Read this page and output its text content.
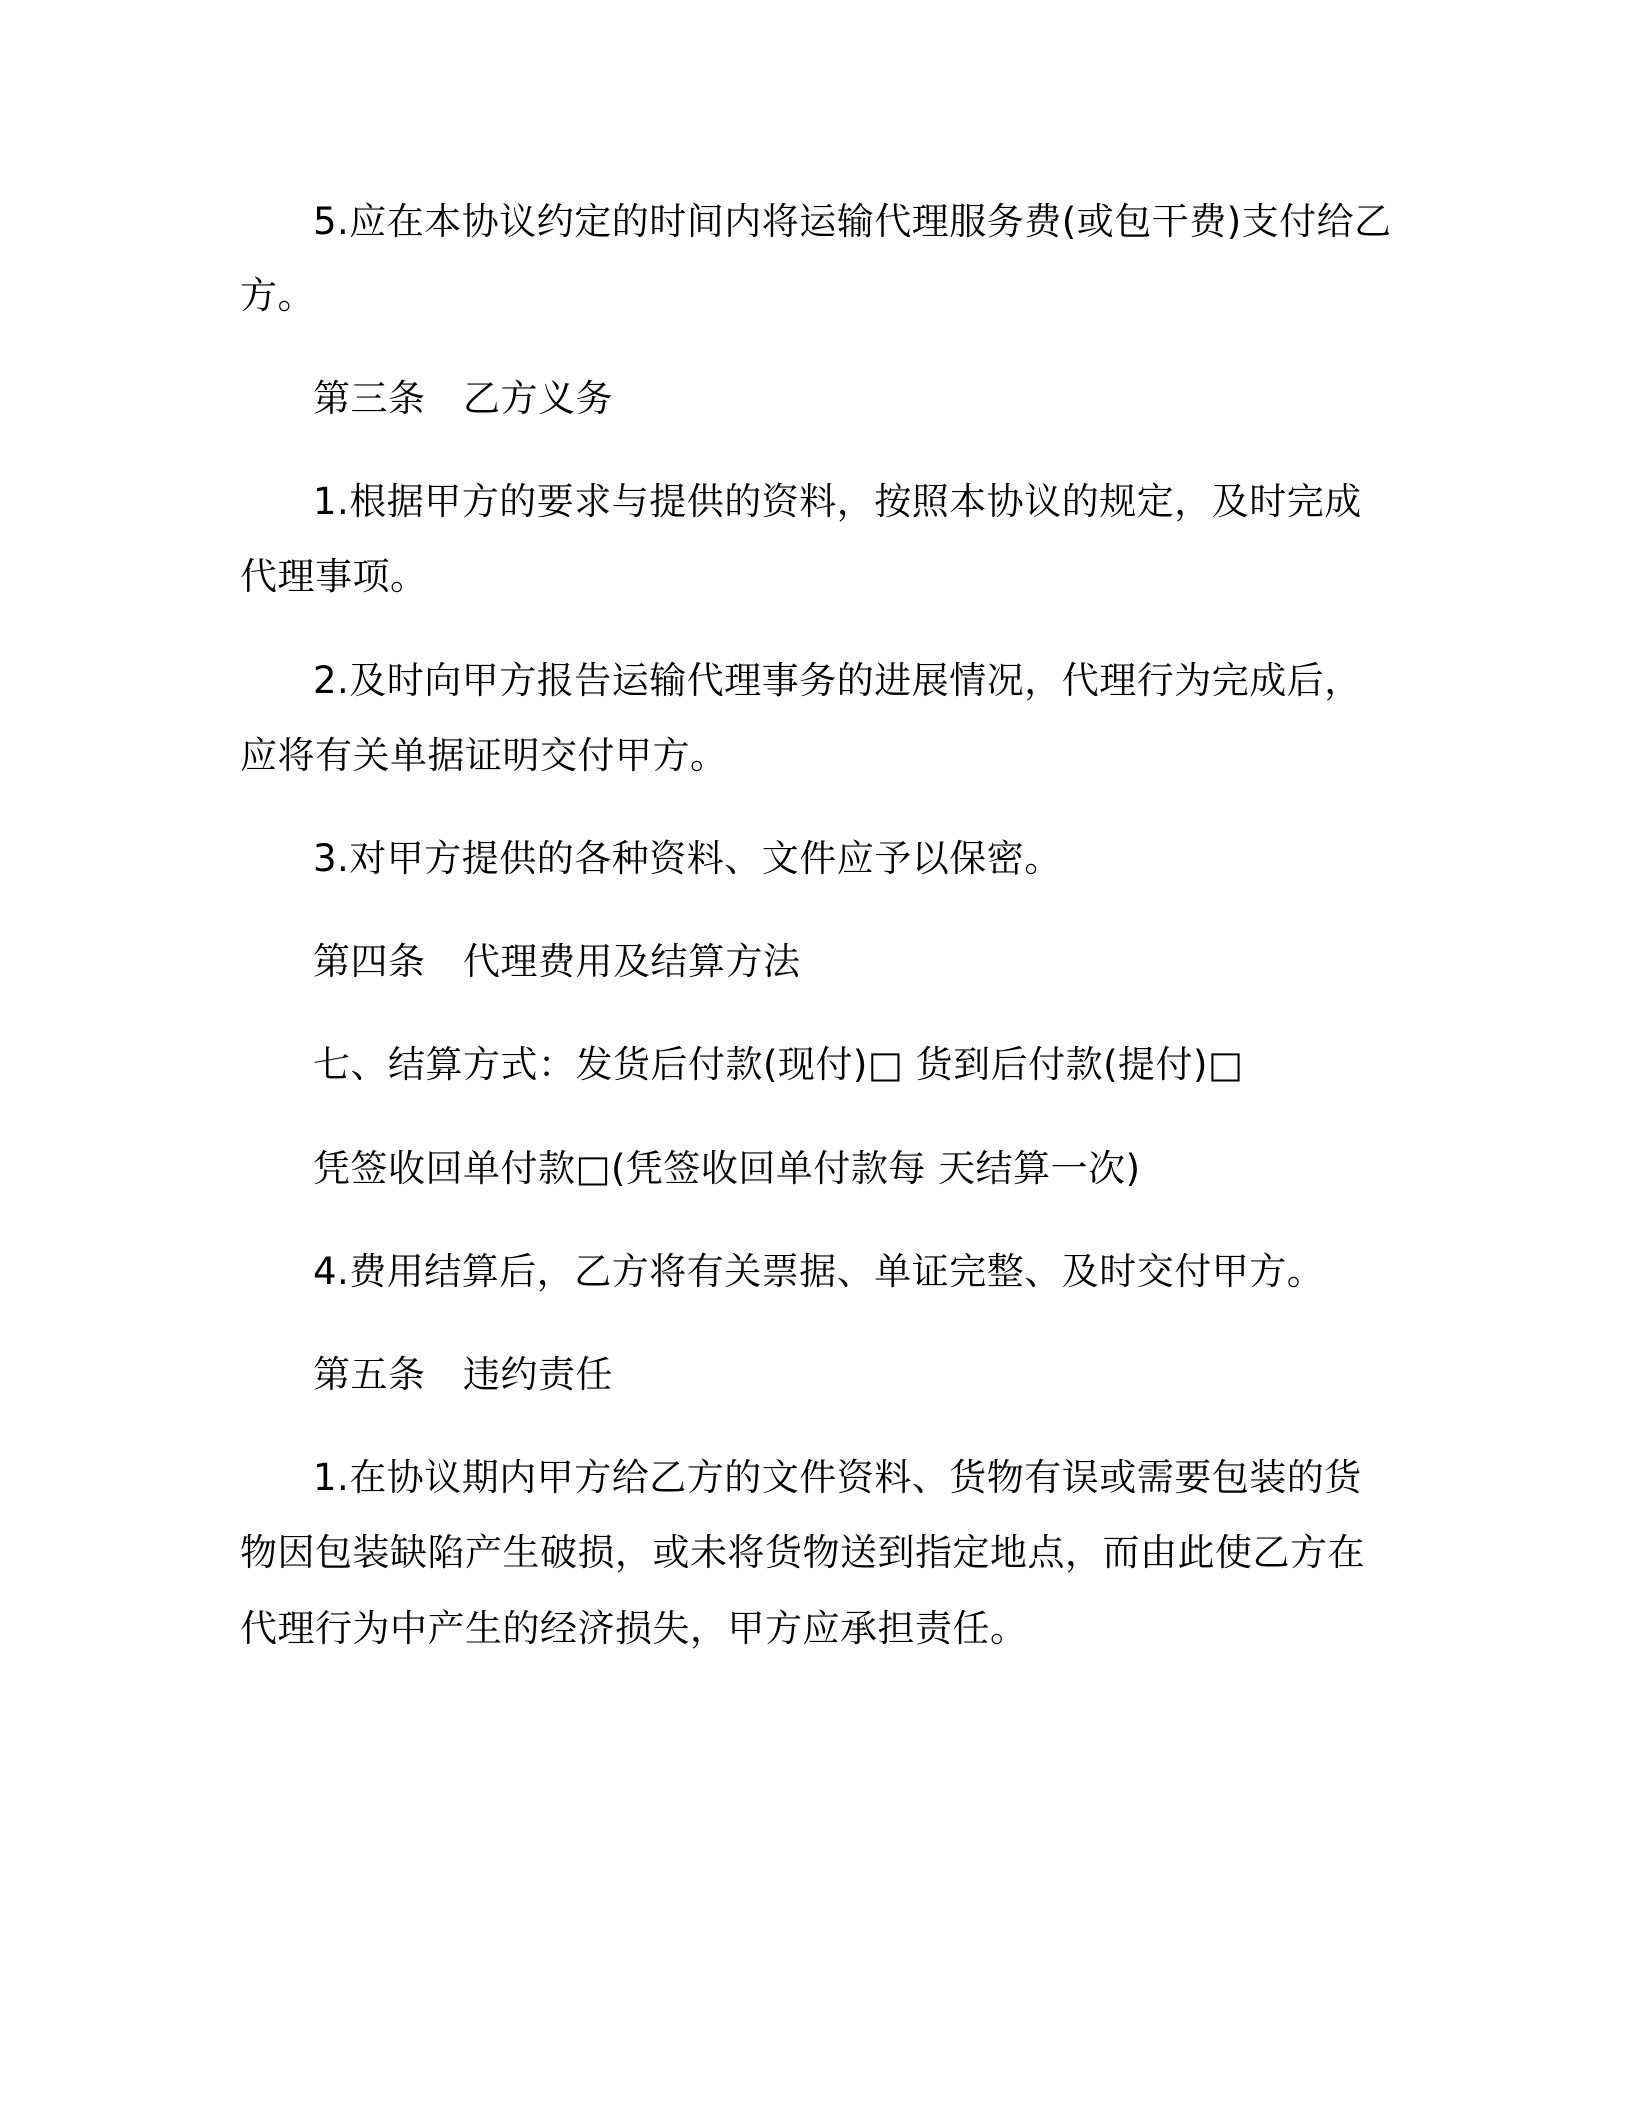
5.应在本协议约定的时间内将运输代理服务费(或包干费)支付给乙

方。

第三条　乙方义务

1.根据甲方的要求与提供的资料，按照本协议的规定，及时完成

代理事项。

2.及时向甲方报告运输代理事务的进展情况，代理行为完成后，

应将有关单据证明交付甲方。

3.对甲方提供的各种资料、文件应予以保密。

第四条　代理费用及结算方法

七、结算方式：发货后付款(现付)□ 货到后付款(提付)□

凭签收回单付款□(凭签收回单付款每 天结算一次)

4.费用结算后，乙方将有关票据、单证完整、及时交付甲方。

第五条　违约责任

1.在协议期内甲方给乙方的文件资料、货物有误或需要包装的货

物因包装缺陷产生破损，或未将货物送到指定地点，而由此使乙方在

代理行为中产生的经济损失，甲方应承担责任。
